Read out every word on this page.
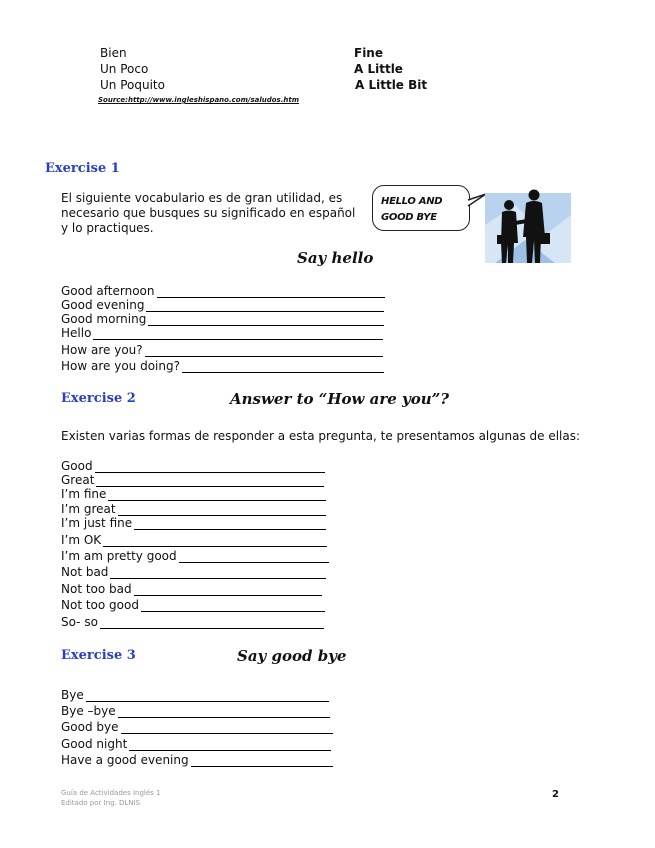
Bien	Fine
Un Poco	A Little
Un Poquito	A Little Bit
Source:http://www.ingleshispano.com/saludos.htm
Exercise 1
El siguiente vocabulario es de gran utilidad, es necesario que busques su significado en español y lo practiques.
HELLO AND
GOOD BYE
Say hello
Good afternoon
Good evening
Good morning
Hello
How are you?
How are you doing?
Exercise 2	Answer to “How are you”?
Existen varias formas de responder a esta pregunta, te presentamos algunas de ellas:
Good
Great
I’m fine
I’m great
I’m just fine
I’m OK
I’m am pretty good
Not bad
Not too bad
Not too good
So- so
Exercise 3	Say good bye
Bye
Bye –bye
Good bye
Good night
Have a good evening
Guía de Actividades Inglés 1
Editado por Ing. DLNIS
2
